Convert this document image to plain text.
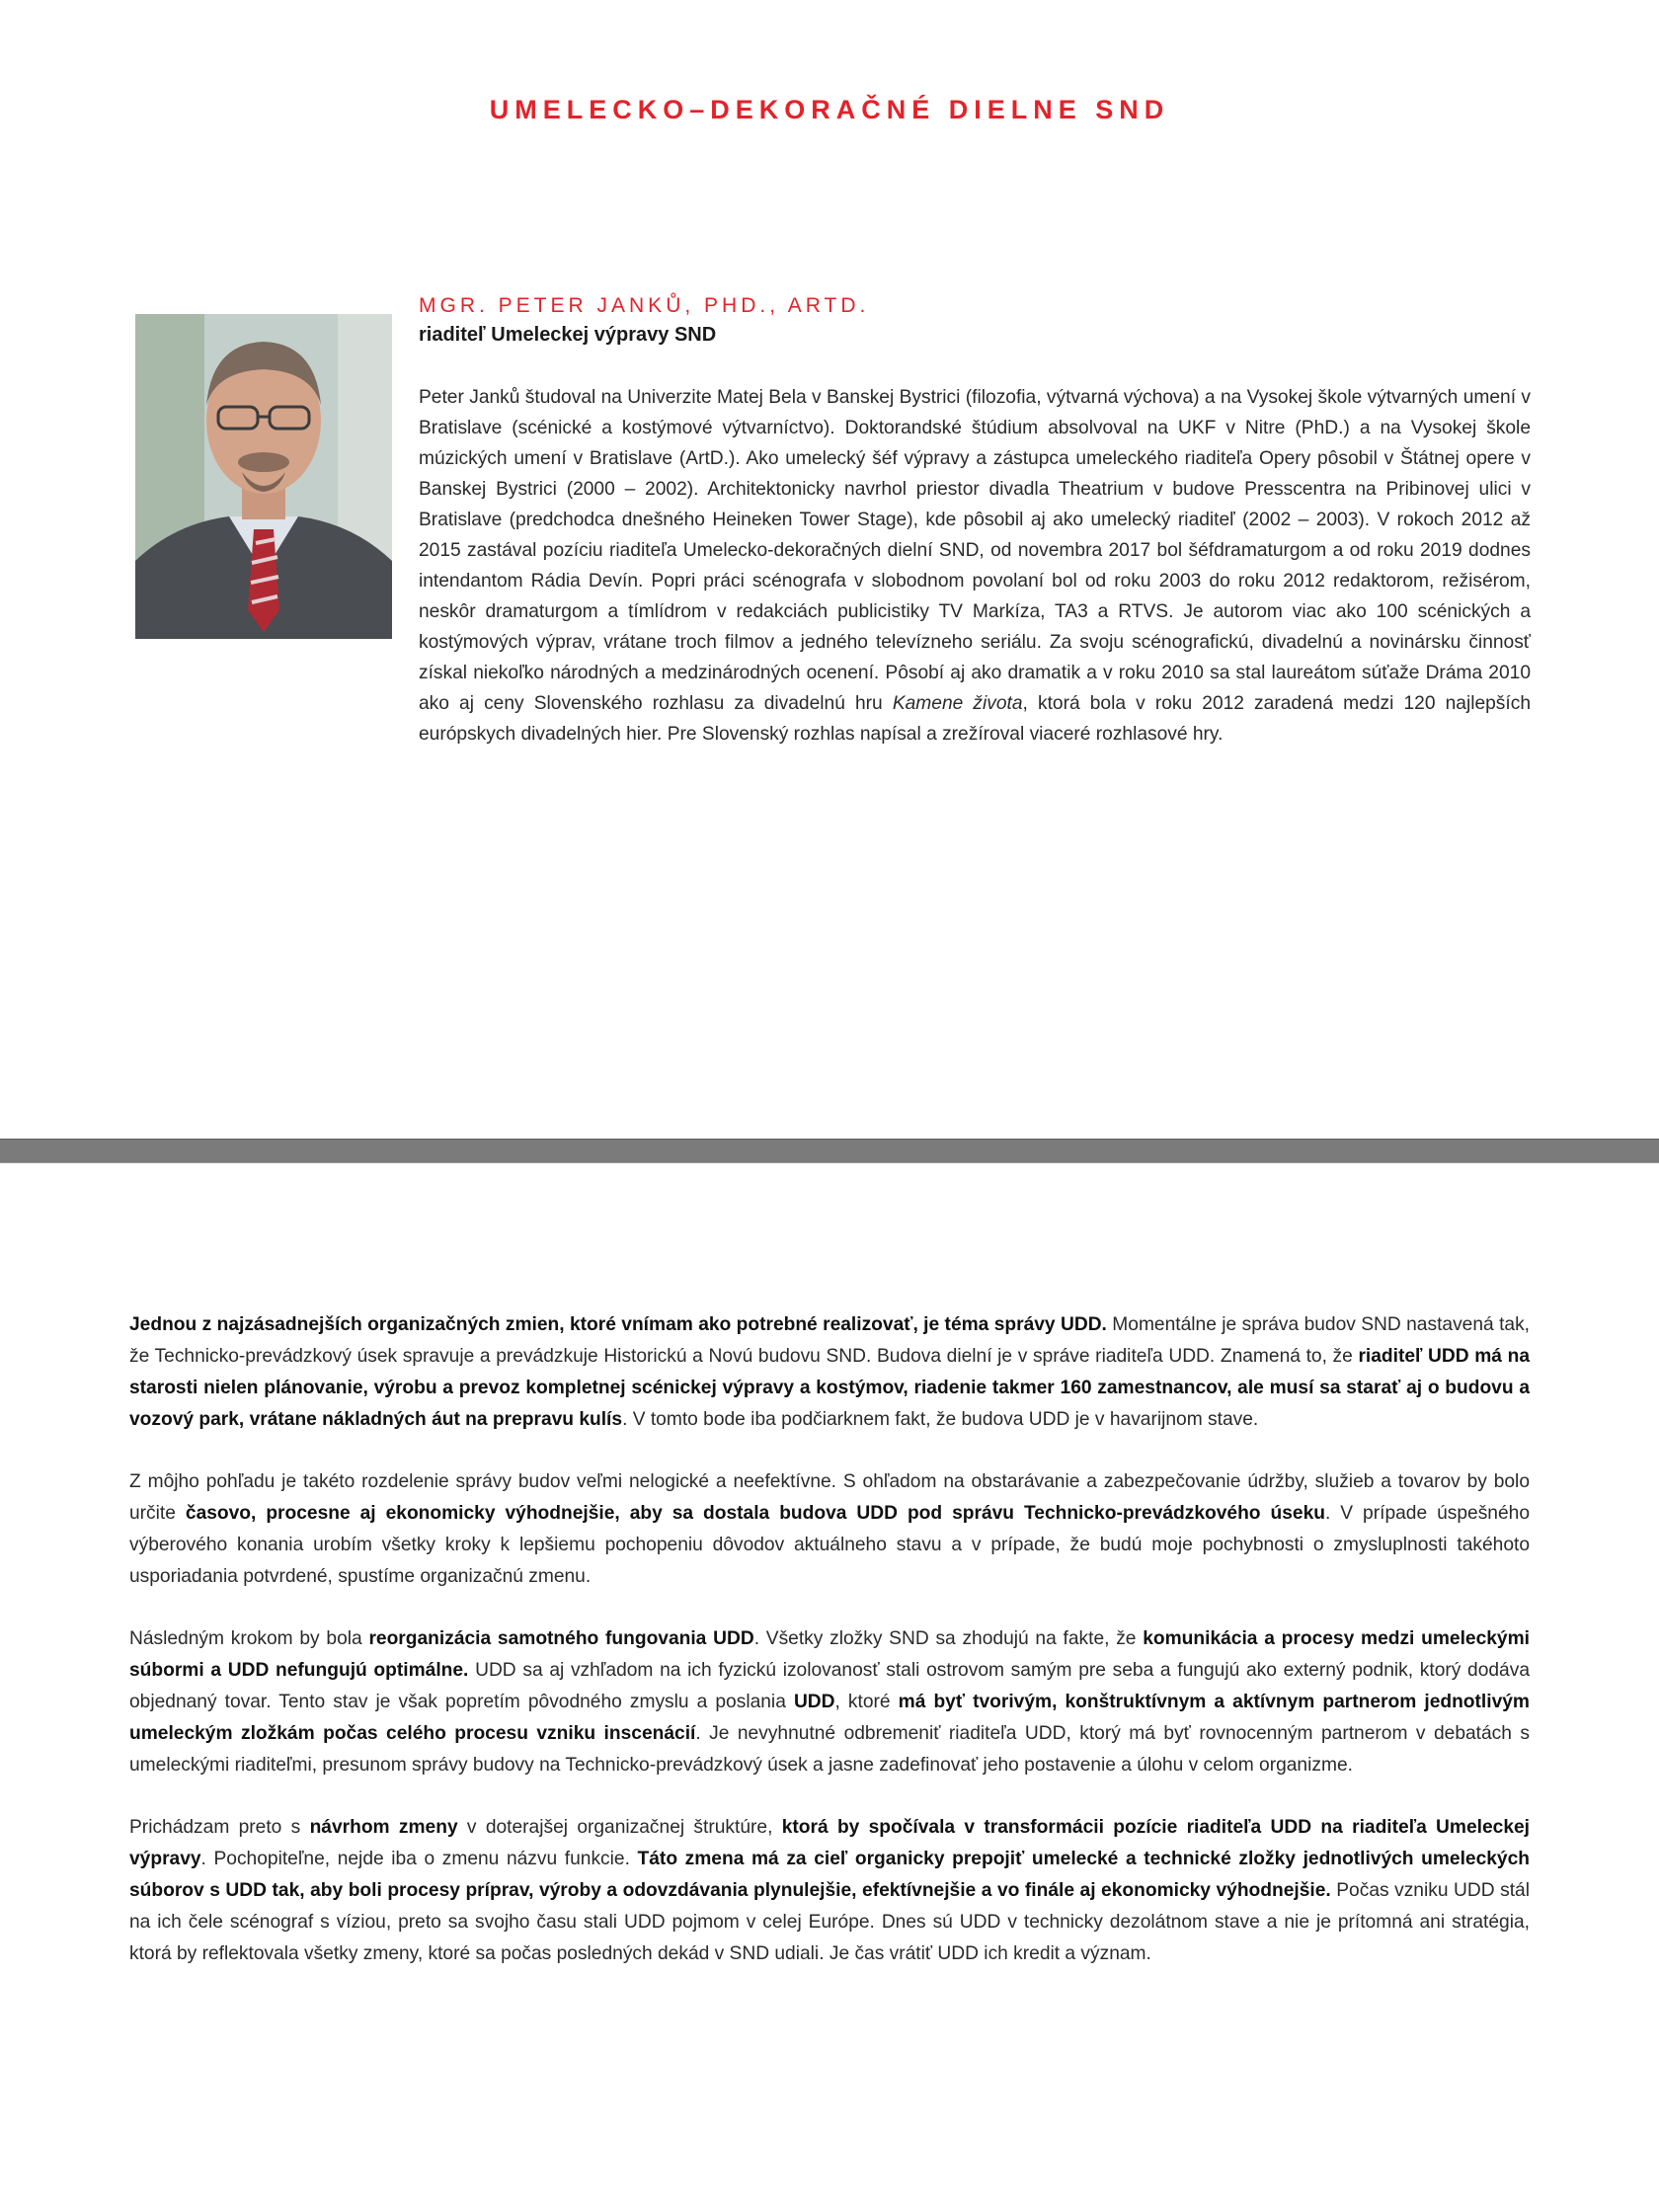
UMELECKO–DEKORAČNÉ DIELNE SND
MGR. PETER JANKŮ, PHD., ARTD.

riaditeľ Umeleckej výpravy SND

Peter Janků študoval na Univerzite Matej Bela v Banskej Bystrici (filozofia, výtvarná výchova) a na Vysokej škole výtvarných umení v Bratislave (scénické a kostýmové výtvarníctvo). Doktorandské štúdium absolvoval na UKF v Nitre (PhD.) a na Vysokej škole múzických umení v Bratislave (ArtD.). Ako umelecký šéf výpravy a zástupca umeleckého riaditeľa Opery pôsobil v Štátnej opere v Banskej Bystrici (2000 – 2002). Architektonicky navrhol priestor divadla Theatrium v budove Presscentra na Pribinovej ulici v Bratislave (predchodca dnešného Heineken Tower Stage), kde pôsobil aj ako umelecký riaditeľ (2002 – 2003). V rokoch 2012 až 2015 zastával pozíciu riaditeľa Umelecko-dekoračných dielní SND, od novembra 2017 bol šéfdramaturgom a od roku 2019 dodnes intendantom Rádia Devín. Popri práci scénografa v slobodnom povolaní bol od roku 2003 do roku 2012 redaktorom, režisérom, neskôr dramaturgom a tímlídrom v redakciách publicistiky TV Markíza, TA3 a RTVS. Je autorom viac ako 100 scénických a kostýmových výprav, vrátane troch filmov a jedného televízneho seriálu. Za svoju scénografickú, divadelnú a novinársku činnosť získal niekoľko národných a medzinárodných ocenení. Pôsobí aj ako dramatik a v roku 2010 sa stal laureátom súťaže Dráma 2010 ako aj ceny Slovenského rozhlasu za divadelnú hru Kamene života, ktorá bola v roku 2012 zaradená medzi 120 najlepších európskych divadelných hier. Pre Slovenský rozhlas napísal a zrežíroval viaceré rozhlasové hry.

Jednou z najzásadnejších organizačných zmien, ktoré vnímam ako potrebné realizovať, je téma správy UDD. Momentálne je správa budov SND nastavená tak, že Technicko-prevádzkový úsek spravuje a prevádzkuje Historickú a Novú budovu SND. Budova dielní je v správe riaditeľa UDD. Znamená to, že riaditeľ UDD má na starosti nielen plánovanie, výrobu a prevoz kompletnej scénickej výpravy a kostýmov, riadenie takmer 160 zamestnancov, ale musí sa starať aj o budovu a vozový park, vrátane nákladných áut na prepravu kulís. V tomto bode iba podčiarknem fakt, že budova UDD je v havarijnom stave.

Z môjho pohľadu je takéto rozdelenie správy budov veľmi nelogické a neefektívne. S ohľadom na obstarávanie a zabezpečovanie údržby, služieb a tovarov by bolo určite časovo, procesne aj ekonomicky výhodnejšie, aby sa dostala budova UDD pod správu Technicko-prevádzkového úseku. V prípade úspešného výberového konania urobím všetky kroky k lepšiemu pochopeniu dôvodov aktuálneho stavu a v prípade, že budú moje pochybnosti o zmysluplnosti takéhoto usporiadania potvrdené, spustíme organizačnú zmenu.

Následným krokom by bola reorganizácia samotného fungovania UDD. Všetky zložky SND sa zhodujú na fakte, že komunikácia a procesy medzi umeleckými súbormi a UDD nefungujú optimálne. UDD sa aj vzhľadom na ich fyzickú izolovanosť stali ostrovom samým pre seba a fungujú ako externý podnik, ktorý dodáva objednaný tovar. Tento stav je však popretím pôvodného zmyslu a poslania UDD, ktoré má byť tvorivým, konštruktívnym a aktívnym partnerom jednotlivým umeleckým zložkám počas celého procesu vzniku inscenácií. Je nevyhnutné odbremeniť riaditeľa UDD, ktorý má byť rovnocenným partnerom v debatách s umeleckými riaditeľmi, presunom správy budovy na Technicko-prevádzkový úsek a jasne zadefinovať jeho postavenie a úlohu v celom organizme.

Prichádzam preto s návrhom zmeny v doterajšej organizačnej štruktúre, ktorá by spočívala v transformácii pozície riaditeľa UDD na riaditeľa Umeleckej výpravy. Pochopiteľne, nejde iba o zmenu názvu funkcie. Táto zmena má za cieľ organicky prepojiť umelecké a technické zložky jednotlivých umeleckých súborov s UDD tak, aby boli procesy príprav, výroby a odovzdávania plynulejšie, efektívnejšie a vo finále aj ekonomicky výhodnejšie. Počas vzniku UDD stál na ich čele scénograf s víziou, preto sa svojho času stali UDD pojmom v celej Európe. Dnes sú UDD v technicky dezolátnom stave a nie je prítomná ani stratégia, ktorá by reflektovala všetky zmeny, ktoré sa počas posledných dekád v SND udiali. Je čas vrátiť UDD ich kredit a význam.
